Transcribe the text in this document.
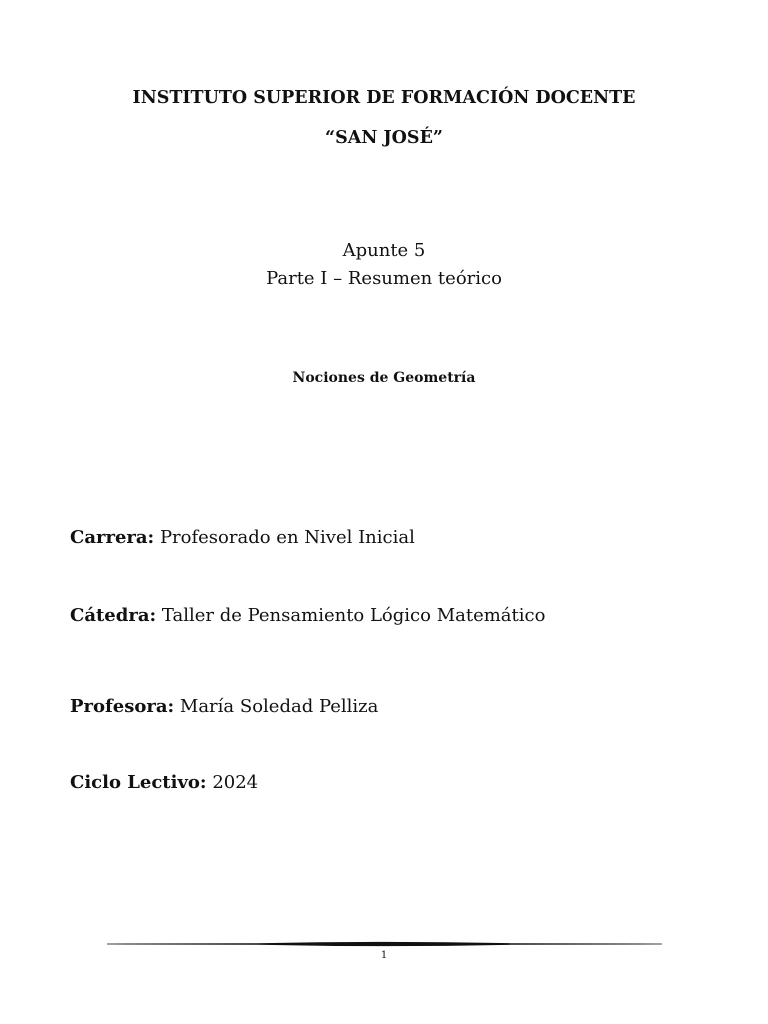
INSTITUTO SUPERIOR DE FORMACIÓN DOCENTE
“SAN JOSÉ”
Apunte 5
Parte I – Resumen teórico
Nociones de Geometría
Carrera: Profesorado en Nivel Inicial
Cátedra: Taller de Pensamiento Lógico Matemático
Profesora: María Soledad Pelliza
Ciclo Lectivo: 2024
1
